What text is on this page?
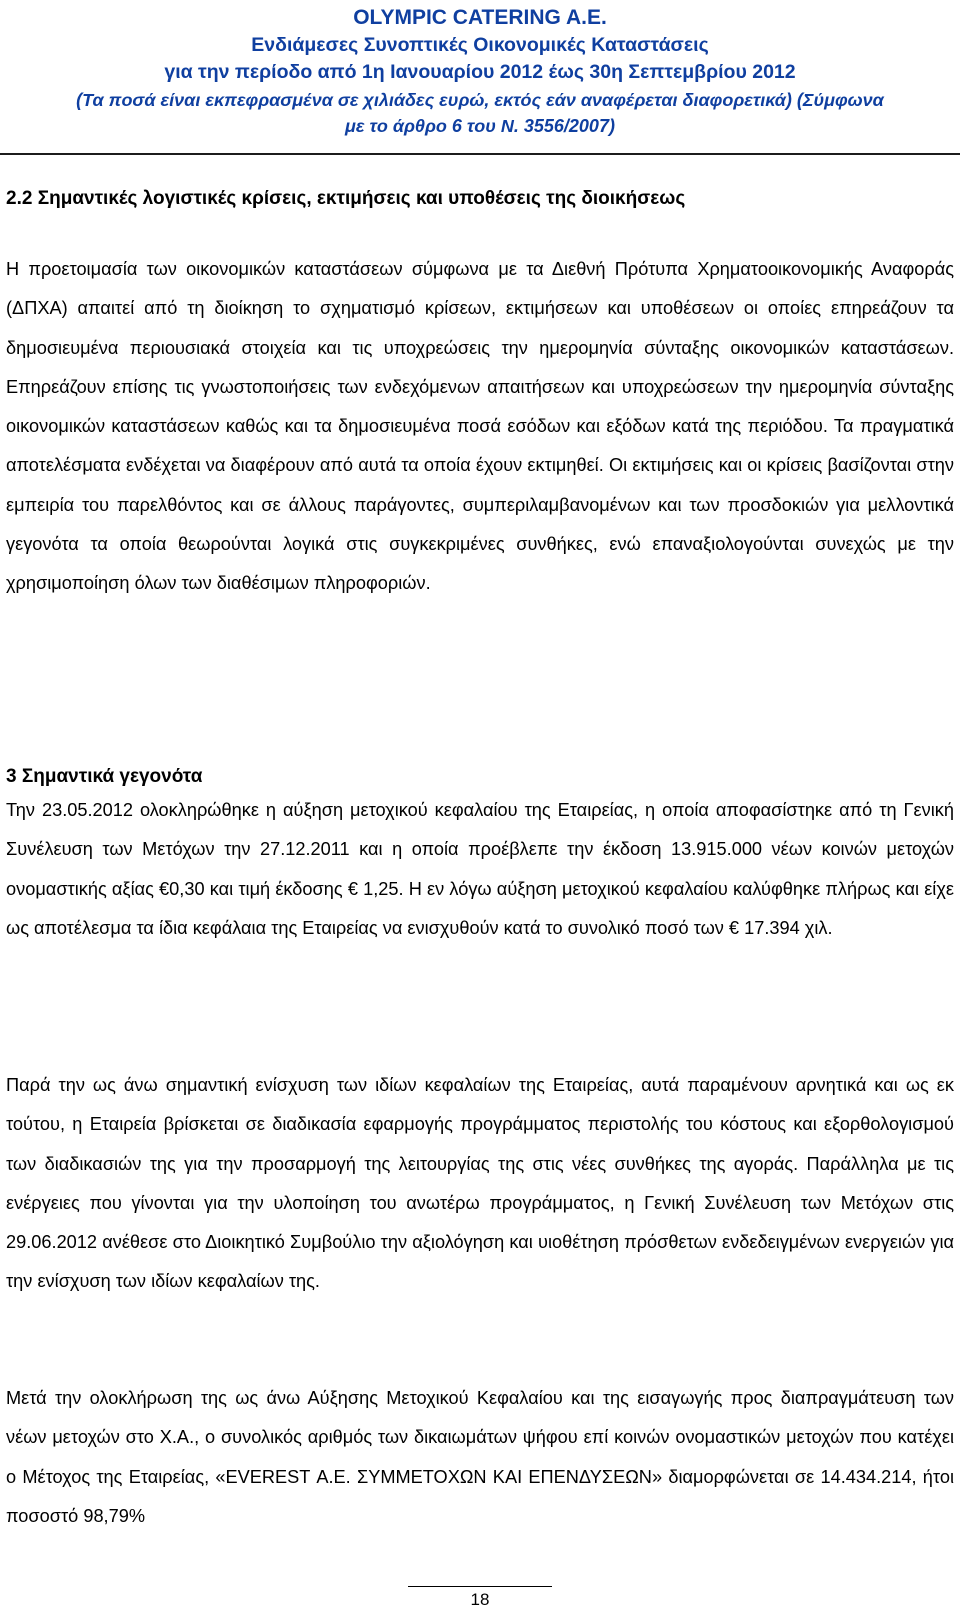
OLYMPIC CATERING A.E.
Ενδιάμεσες Συνοπτικές Οικονομικές Καταστάσεις
για την περίοδο από 1η Ιανουαρίου 2012 έως 30η Σεπτεμβρίου 2012
(Τα ποσά είναι εκπεφρασμένα σε χιλιάδες ευρώ, εκτός εάν αναφέρεται διαφορετικά) (Σύμφωνα
με το άρθρο 6 του Ν. 3556/2007)
2.2 Σημαντικές λογιστικές κρίσεις, εκτιμήσεις και υποθέσεις της διοικήσεως

Η προετοιμασία των οικονομικών καταστάσεων σύμφωνα με τα Διεθνή Πρότυπα Χρηματοοικονομικής Αναφοράς (ΔΠΧΑ) απαιτεί από τη διοίκηση το σχηματισμό κρίσεων, εκτιμήσεων και υποθέσεων οι οποίες επηρεάζουν τα δημοσιευμένα περιουσιακά στοιχεία και τις υποχρεώσεις την ημερομηνία σύνταξης οικονομικών καταστάσεων. Επηρεάζουν επίσης τις γνωστοποιήσεις των ενδεχόμενων απαιτήσεων και υποχρεώσεων την ημερομηνία σύνταξης οικονομικών καταστάσεων καθώς και τα δημοσιευμένα ποσά εσόδων και εξόδων κατά της περιόδου. Τα πραγματικά αποτελέσματα ενδέχεται να διαφέρουν από αυτά τα οποία έχουν εκτιμηθεί. Οι εκτιμήσεις και οι κρίσεις βασίζονται στην εμπειρία του παρελθόντος και σε άλλους παράγοντες, συμπεριλαμβανομένων και των προσδοκιών για μελλοντικά γεγονότα τα οποία θεωρούνται λογικά στις συγκεκριμένες συνθήκες, ενώ επαναξιολογούνται συνεχώς με την χρησιμοποίηση όλων των διαθέσιμων πληροφοριών.

3 Σημαντικά γεγονότα

Την 23.05.2012 ολοκληρώθηκε η αύξηση μετοχικού κεφαλαίου της Εταιρείας, η οποία αποφασίστηκε από τη Γενική Συνέλευση των Μετόχων την 27.12.2011 και η οποία προέβλεπε την έκδοση 13.915.000 νέων κοινών μετοχών ονομαστικής αξίας €0,30 και τιμή έκδοσης € 1,25. Η εν λόγω αύξηση μετοχικού κεφαλαίου καλύφθηκε πλήρως και είχε ως αποτέλεσμα τα ίδια κεφάλαια της Εταιρείας να ενισχυθούν κατά το συνολικό ποσό των € 17.394 χιλ.

Παρά την ως άνω σημαντική ενίσχυση των ιδίων κεφαλαίων της Εταιρείας, αυτά παραμένουν αρνητικά και ως εκ τούτου, η Εταιρεία βρίσκεται σε διαδικασία εφαρμογής προγράμματος περιστολής του κόστους και εξορθολογισμού των διαδικασιών της για την προσαρμογή της λειτουργίας της στις νέες συνθήκες της αγοράς. Παράλληλα με τις ενέργειες που γίνονται για την υλοποίηση του ανωτέρω προγράμματος, η Γενική Συνέλευση των Μετόχων στις 29.06.2012 ανέθεσε στο Διοικητικό Συμβούλιο την αξιολόγηση και υιοθέτηση πρόσθετων ενδεδειγμένων ενεργειών για την ενίσχυση των ιδίων κεφαλαίων της.

Μετά την ολοκλήρωση της ως άνω Αύξησης Μετοχικού Κεφαλαίου και της εισαγωγής προς διαπραγμάτευση των νέων μετοχών στο Χ.Α., ο συνολικός αριθμός των δικαιωμάτων ψήφου επί κοινών ονομαστικών μετοχών που κατέχει ο Μέτοχος της Εταιρείας, «EVEREST Α.Ε. ΣΥΜΜΕΤΟΧΩΝ ΚΑΙ ΕΠΕΝΔΥΣΕΩΝ» διαμορφώνεται σε 14.434.214, ήτοι ποσοστό 98,79%

18
